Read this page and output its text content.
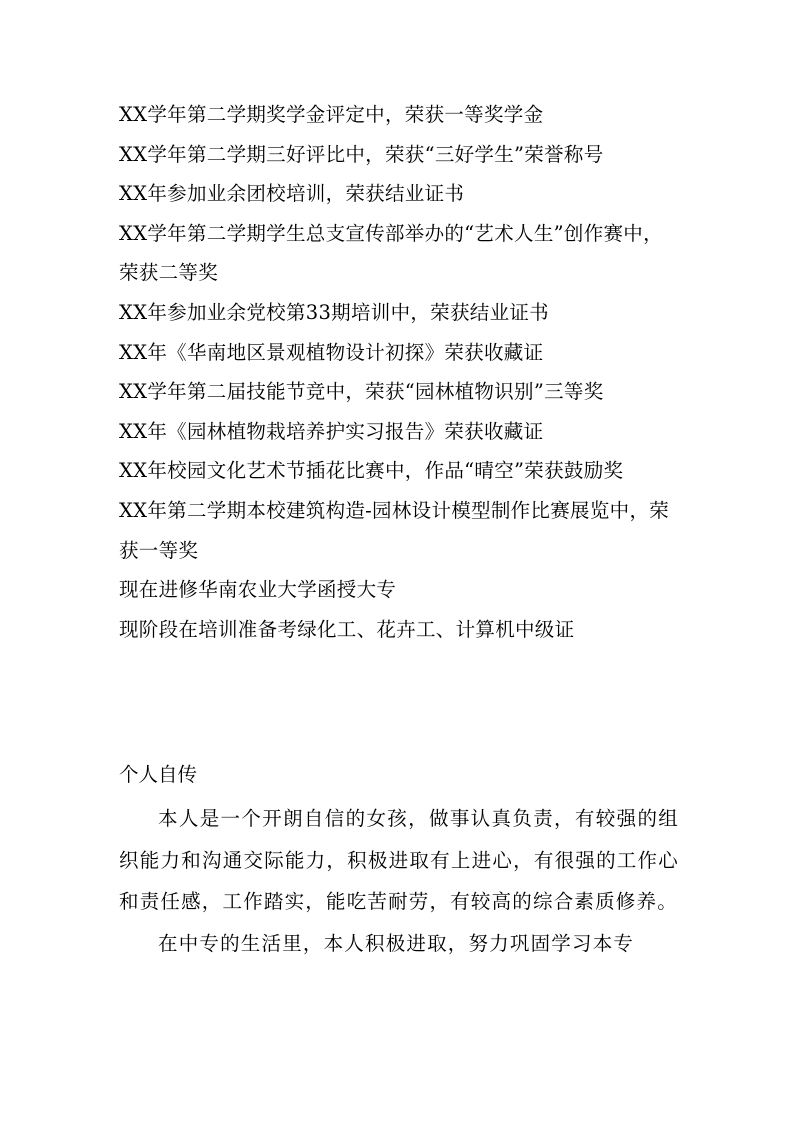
XX学年第二学期奖学金评定中，荣获一等奖学金
XX学年第二学期三好评比中，荣获“三好学生”荣誉称号
XX年参加业余团校培训，荣获结业证书
XX学年第二学期学生总支宣传部举办的“艺术人生”创作赛中，荣获二等奖
XX年参加业余党校第33期培训中，荣获结业证书
XX年《华南地区景观植物设计初探》荣获收藏证
XX学年第二届技能节竞中，荣获“园林植物识别”三等奖
XX年《园林植物栽培养护实习报告》荣获收藏证
XX年校园文化艺术节插花比赛中，作品“晴空”荣获鼓励奖
XX年第二学期本校建筑构造-园林设计模型制作比赛展览中，荣获一等奖
现在进修华南农业大学函授大专
现阶段在培训准备考绿化工、花卉工、计算机中级证
个人自传

本人是一个开朗自信的女孩，做事认真负责，有较强的组织能力和沟通交际能力，积极进取有上进心，有很强的工作心和责任感，工作踏实，能吃苦耐劳，有较高的综合素质修养。

在中专的生活里，本人积极进取，努力巩固学习本专
